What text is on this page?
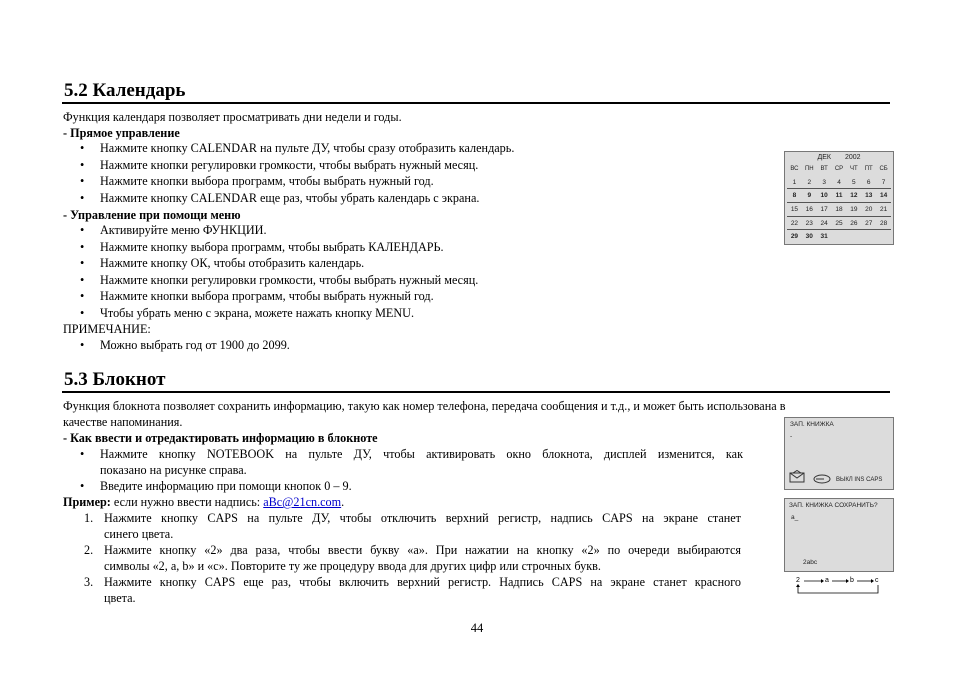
5.2 Календарь
Функция календаря позволяет просматривать дни недели и годы.
- Прямое управление
• Нажмите кнопку CALENDAR на пульте ДУ, чтобы сразу отобразить календарь.
• Нажмите кнопки регулировки громкости, чтобы выбрать нужный месяц.
• Нажмите кнопки выбора программ, чтобы выбрать нужный год.
• Нажмите кнопку CALENDAR еще раз, чтобы убрать календарь с экрана.
- Управление при помощи меню
• Активируйте меню ФУНКЦИИ.
• Нажмите кнопку выбора программ, чтобы выбрать КАЛЕНДАРЬ.
• Нажмите кнопку ОК, чтобы отобразить календарь.
• Нажмите кнопки регулировки громкости, чтобы выбрать нужный месяц.
• Нажмите кнопки выбора программ, чтобы выбрать нужный год.
• Чтобы убрать меню с экрана, можете нажать кнопку MENU.
ПРИМЕЧАНИЕ:
• Можно выбрать год от 1900 до 2099.
ДЕК 2002
ВС	ПН	ВТ	СР	ЧТ	ПТ	СБ
1	2	3	4	5	6	7
8	9	10	11	12	13	14
15	16	17	18	19	20	21
22	23	24	25	26	27	28
29	30	31
5.3 Блокнот
Функция блокнота позволяет сохранить информацию, такую как номер телефона, передача сообщения и т.д., и может быть использована в
качестве напоминания.
- Как ввести и отредактировать информацию в блокноте
• Нажмите кнопку NOTEBOOK на пульте ДУ, чтобы активировать окно блокнота, дисплей изменится, как
показано на рисунке справа.
• Введите информацию при помощи кнопок 0 – 9.
Пример: если нужно ввести надпись: aBc@21cn.com.
1. Нажмите кнопку CAPS на пульте ДУ, чтобы отключить верхний регистр, надпись CAPS на экране станет
синего цвета.
2. Нажмите кнопку «2» два раза, чтобы ввести букву «a». При нажатии на кнопку «2» по очереди выбираются
символы «2, a, b» и «c». Повторите ту же процедуру ввода для других цифр или строчных букв.
3. Нажмите кнопку CAPS еще раз, чтобы включить верхний регистр. Надпись CAPS на экране станет красного
цвета.
ЗАП. КНИЖКА
-
ВЫКЛ INS CAPS
ЗАП. КНИЖКА СОХРАНИТЬ?
a_
2abc
2	a	b	c
44
